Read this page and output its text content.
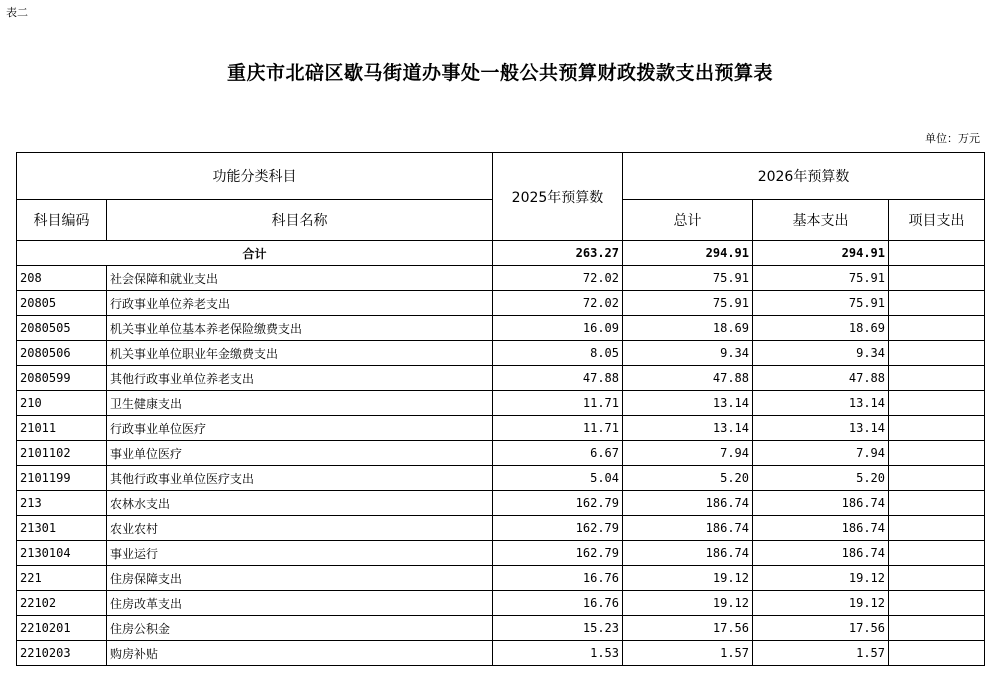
表二
重庆市北碚区歇马街道办事处一般公共预算财政拨款支出预算表
单位：万元
功能分类科目		2025年预算数	2026年预算数		
科目编码	科目名称		总计	基本支出	项目支出
合计		263.27	294.91	294.91	
208	社会保障和就业支出	72.02	75.91	75.91	
20805	行政事业单位养老支出	72.02	75.91	75.91	
2080505	机关事业单位基本养老保险缴费支出	16.09	18.69	18.69	
2080506	机关事业单位职业年金缴费支出	8.05	9.34	9.34	
2080599	其他行政事业单位养老支出	47.88	47.88	47.88	
210	卫生健康支出	11.71	13.14	13.14	
21011	行政事业单位医疗	11.71	13.14	13.14	
2101102	事业单位医疗	6.67	7.94	7.94	
2101199	其他行政事业单位医疗支出	5.04	5.20	5.20	
213	农林水支出	162.79	186.74	186.74	
21301	农业农村	162.79	186.74	186.74	
2130104	事业运行	162.79	186.74	186.74	
221	住房保障支出	16.76	19.12	19.12	
22102	住房改革支出	16.76	19.12	19.12	
2210201	住房公积金	15.23	17.56	17.56	
2210203	购房补贴	1.53	1.57	1.57	
